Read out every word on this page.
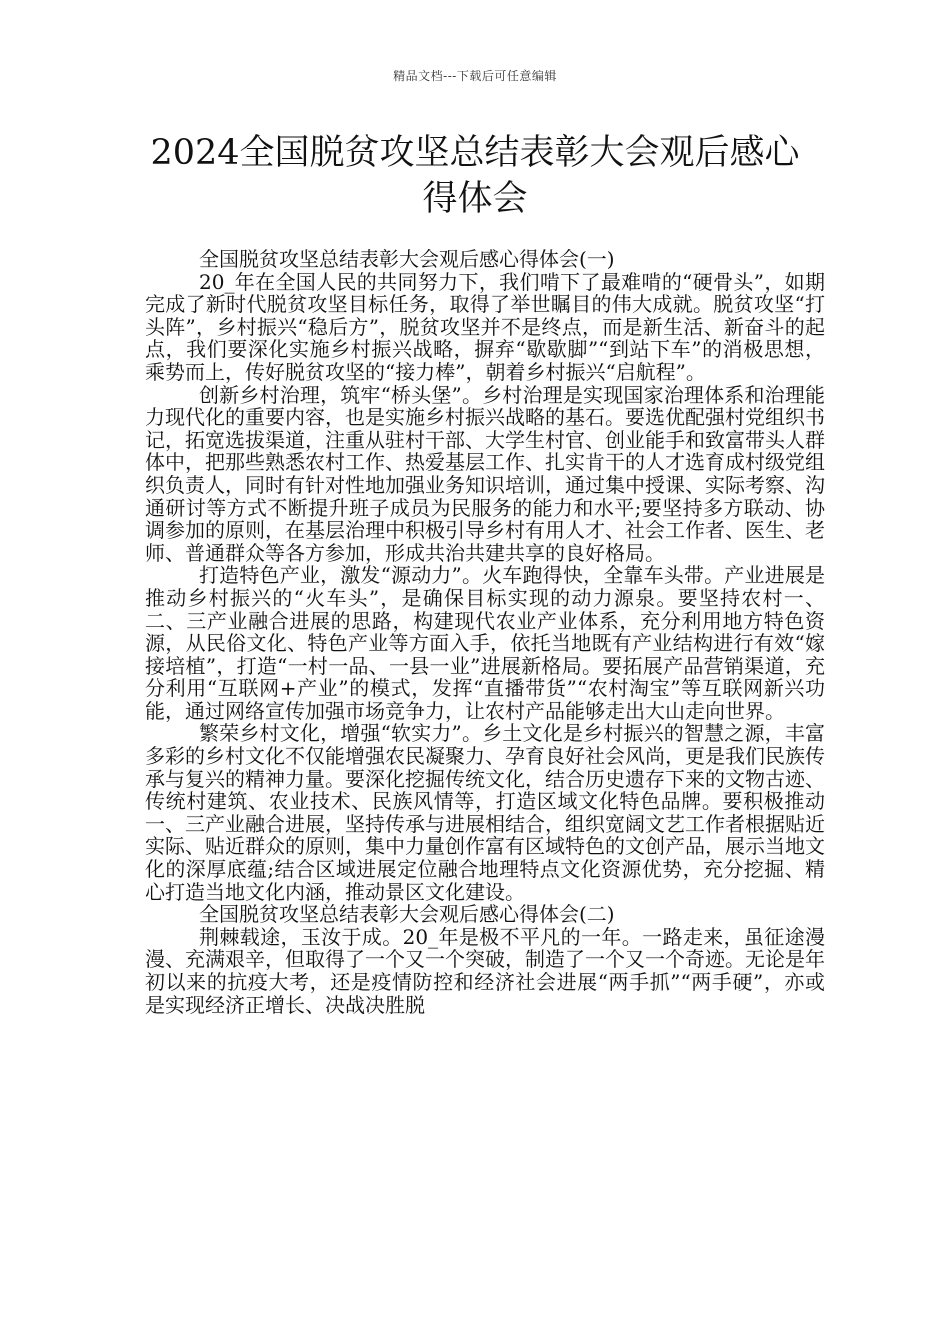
精品文档---下载后可任意编辑
2024全国脱贫攻坚总结表彰大会观后感心得体会

全国脱贫攻坚总结表彰大会观后感心得体会(一)

20_年在全国人民的共同努力下，我们啃下了最难啃的“硬骨头”，如期完成了新时代脱贫攻坚目标任务，取得了举世瞩目的伟大成就。脱贫攻坚“打头阵”，乡村振兴“稳后方”，脱贫攻坚并不是终点，而是新生活、新奋斗的起点，我们要深化实施乡村振兴战略，摒弃“歇歇脚”“到站下车”的消极思想，乘势而上，传好脱贫攻坚的“接力棒”，朝着乡村振兴“启航程”。

创新乡村治理，筑牢“桥头堡”。乡村治理是实现国家治理体系和治理能力现代化的重要内容，也是实施乡村振兴战略的基石。要选优配强村党组织书记，拓宽选拔渠道，注重从驻村干部、大学生村官、创业能手和致富带头人群体中，把那些熟悉农村工作、热爱基层工作、扎实肯干的人才选育成村级党组织负责人，同时有针对性地加强业务知识培训，通过集中授课、实际考察、沟通研讨等方式不断提升班子成员为民服务的能力和水平;要坚持多方联动、协调参加的原则，在基层治理中积极引导乡村有用人才、社会工作者、医生、老师、普通群众等各方参加，形成共治共建共享的良好格局。

打造特色产业，激发“源动力”。火车跑得快，全靠车头带。产业进展是推动乡村振兴的“火车头”，是确保目标实现的动力源泉。要坚持农村一、二、三产业融合进展的思路，构建现代农业产业体系，充分利用地方特色资源，从民俗文化、特色产业等方面入手，依托当地既有产业结构进行有效“嫁接培植”，打造“一村一品、一县一业”进展新格局。要拓展产品营销渠道，充分利用“互联网+产业”的模式，发挥“直播带货”“农村淘宝”等互联网新兴功能，通过网络宣传加强市场竞争力，让农村产品能够走出大山走向世界。

繁荣乡村文化，增强“软实力”。乡土文化是乡村振兴的智慧之源，丰富多彩的乡村文化不仅能增强农民凝聚力、孕育良好社会风尚，更是我们民族传承与复兴的精神力量。要深化挖掘传统文化，结合历史遗存下来的文物古迹、传统村建筑、农业技术、民族风情等，打造区域文化特色品牌。要积极推动一、三产业融合进展，坚持传承与进展相结合，组织宽阔文艺工作者根据贴近实际、贴近群众的原则，集中力量创作富有区域特色的文创产品，展示当地文化的深厚底蕴;结合区域进展定位融合地理特点文化资源优势，充分挖掘、精心打造当地文化内涵，推动景区文化建设。

全国脱贫攻坚总结表彰大会观后感心得体会(二)

荆棘载途，玉汝于成。20_年是极不平凡的一年。一路走来，虽征途漫漫、充满艰辛，但取得了一个又一个突破，制造了一个又一个奇迹。无论是年初以来的抗疫大考，还是疫情防控和经济社会进展“两手抓”“两手硬”，亦或是实现经济正增长、决战决胜脱
